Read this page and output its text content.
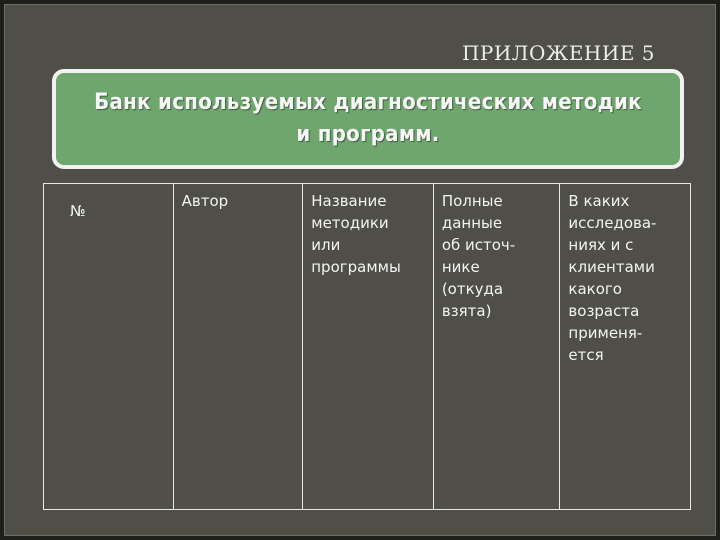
ПРИЛОЖЕНИЕ 5
Банк используемых диагностических методик и программ.
№
Автор	Название
методики
или
программы
Полные
данные
об источ-
нике
(откуда
взята)
В каких
исследова-
ниях и с
клиентами
какого
возраста
применя-
ется
